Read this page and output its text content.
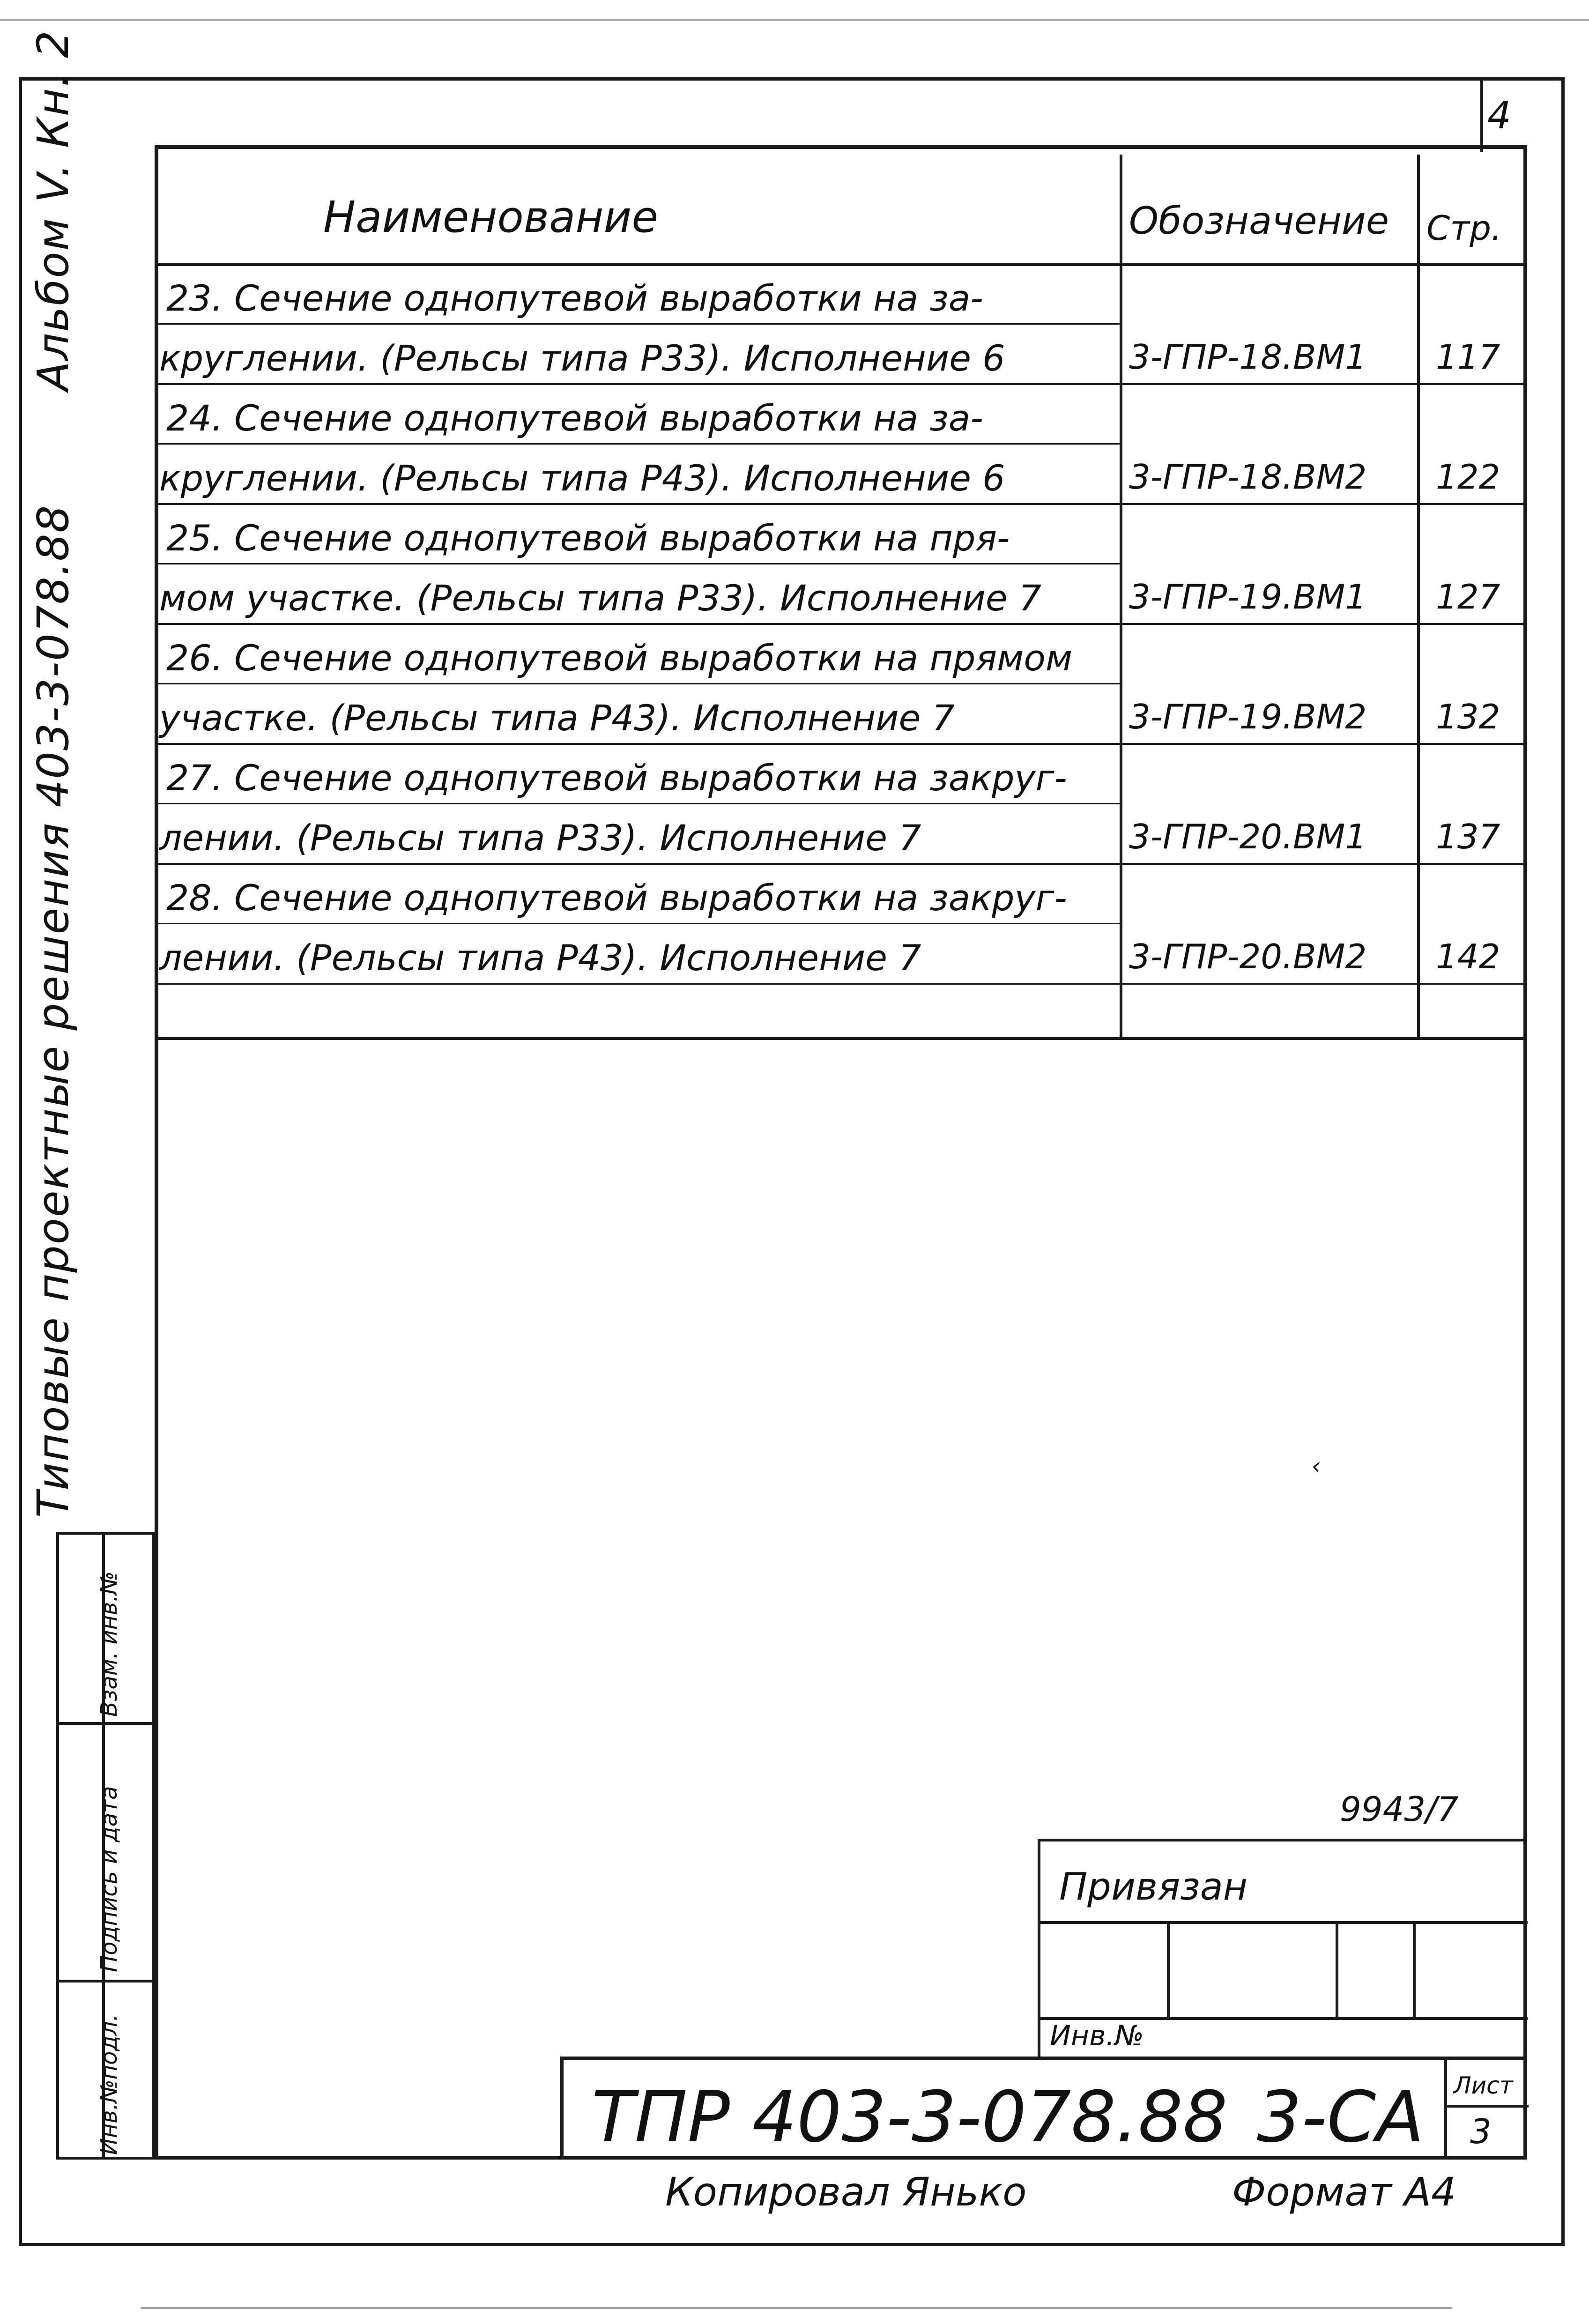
4
Типовые проектные решения 403-3-078.88  Альбом V. Кн. 2
Взам. инв.№
Подпись и дата
Инв.№подл.
Наименование	Обозначение Стр.
23. Сечение однопутевой выработки на за-
круглении. (Рельсы типа Р33). Исполнение 6	3-ГПР-18.ВМ1 117
24. Сечение однопутевой выработки на за-
круглении. (Рельсы типа Р43). Исполнение 6	3-ГПР-18.ВМ2 122
25. Сечение однопутевой выработки на пря-
мом участке. (Рельсы типа Р33). Исполнение 7	3-ГПР-19.ВМ1 127
26. Сечение однопутевой выработки на прямом
участке. (Рельсы типа Р43). Исполнение 7	3-ГПР-19.ВМ2 132
27. Сечение однопутевой выработки на закруг-
лении. (Рельсы типа Р33). Исполнение 7	3-ГПР-20.ВМ1 137
28. Сечение однопутевой выработки на закруг-
лении. (Рельсы типа Р43). Исполнение 7	3-ГПР-20.ВМ2 142
‹
9943/7
Привязан
Инв.№
ТПР 403-3-078.88 3-СА Лист
3
Копировал Янько	Формат А4
